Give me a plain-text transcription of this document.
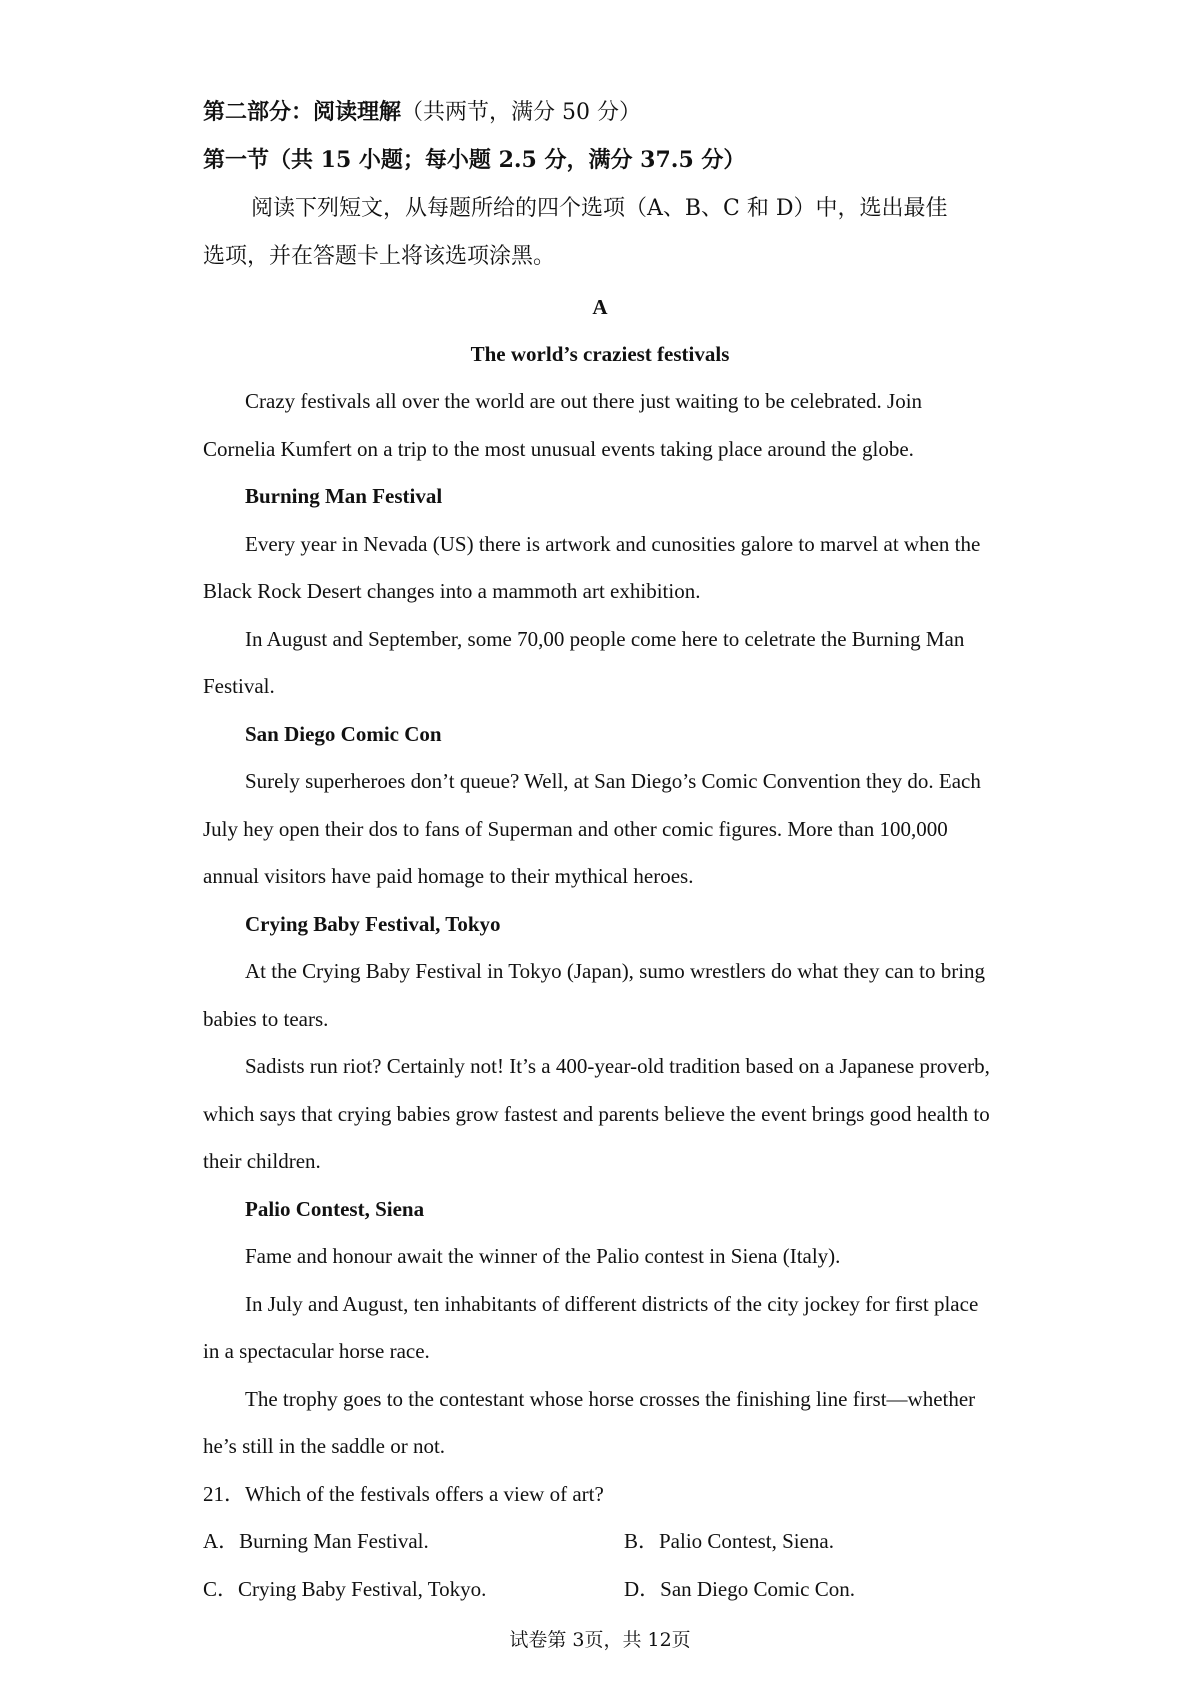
第二部分：阅读理解（共两节，满分 50 分）
第一节（共 15 小题；每小题 2.5 分，满分 37.5 分）
阅读下列短文，从每题所给的四个选项（A、B、C 和 D）中，选出最佳
选项，并在答题卡上将该选项涂黑。
A
The world’s craziest festivals
Crazy festivals all over the world are out there just waiting to be celebrated. Join
Cornelia Kumfert on a trip to the most unusual events taking place around the globe.
Burning Man Festival
Every year in Nevada (US) there is artwork and cunosities galore to marvel at when the
Black Rock Desert changes into a mammoth art exhibition.
In August and September, some 70,00 people come here to celetrate the Burning Man
Festival.
San Diego Comic Con
Surely superheroes don’t queue? Well, at San Diego’s Comic Convention they do. Each
July hey open their dos to fans of Superman and other comic figures. More than 100,000
annual visitors have paid homage to their mythical heroes.
Crying Baby Festival, Tokyo
At the Crying Baby Festival in Tokyo (Japan), sumo wrestlers do what they can to bring
babies to tears.
Sadists run riot? Certainly not! It’s a 400-year-old tradition based on a Japanese proverb,
which says that crying babies grow fastest and parents believe the event brings good health to
their children.
Palio Contest, Siena
Fame and honour await the winner of the Palio contest in Siena (Italy).
In July and August, ten inhabitants of different districts of the city jockey for first place
in a spectacular horse race.
The trophy goes to the contestant whose horse crosses the finishing line first—whether
he’s still in the saddle or not.
21．Which of the festivals offers a view of art?
A．Burning Man Festival.	B．Palio Contest, Siena.
C．Crying Baby Festival, Tokyo.	D．San Diego Comic Con.
试卷第 3页，共 12页
